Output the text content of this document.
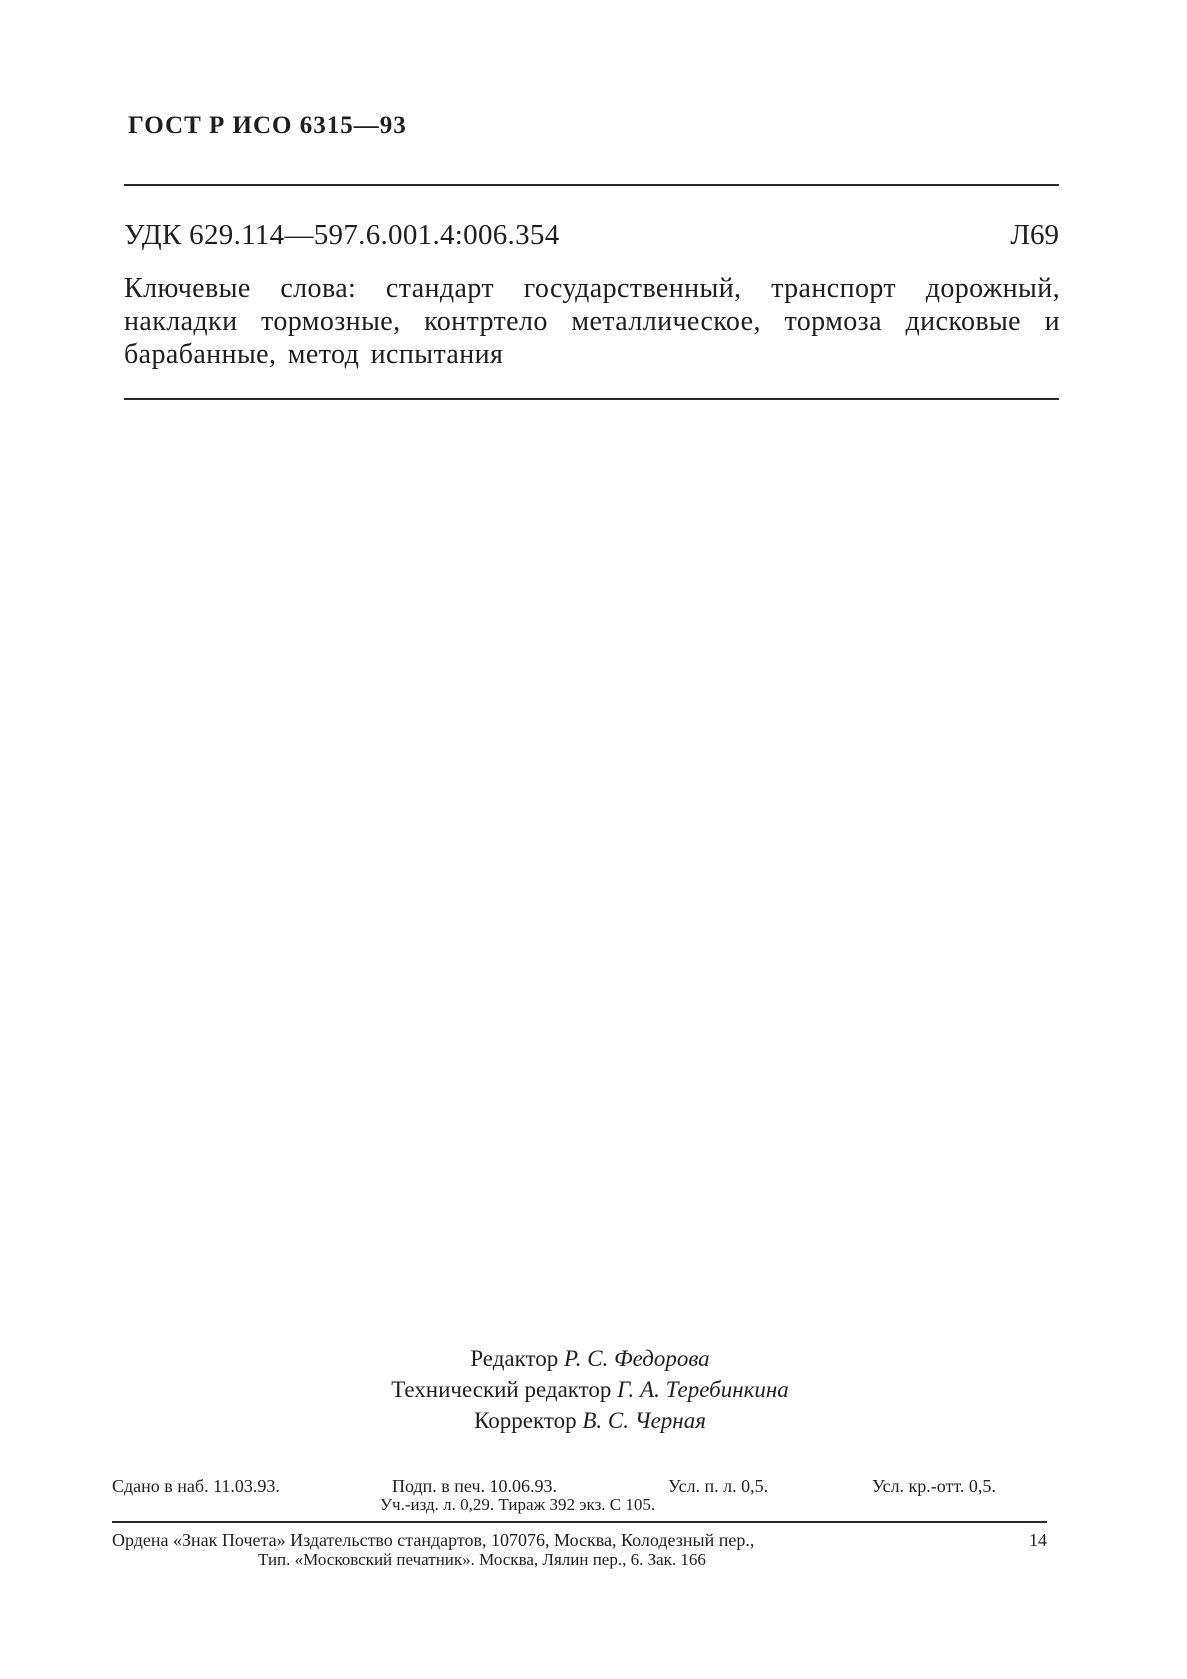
ГОСТ Р ИСО 6315—93
УДК 629.114—597.6.001.4:006.354	Л69
Ключевые слова: стандарт государственный, транспорт дорожный, накладки тормозные, контртело металлическое, тормоза дисковые и барабанные, метод испытания
Редактор Р. С. Федорова
Технический редактор Г. А. Теребинкина
Корректор В. С. Черная
Сдано в наб. 11.03.93.	Подп. в печ. 10.06.93.	Усл. п. л. 0,5.	Усл. кр.-отт. 0,5.
Уч.-изд. л. 0,29. Тираж 392 экз. С 105.
Ордена «Знак Почета» Издательство стандартов, 107076, Москва, Колодезный пер.,	14
Тип. «Московский печатник». Москва, Лялин пер., 6. Зак. 166
